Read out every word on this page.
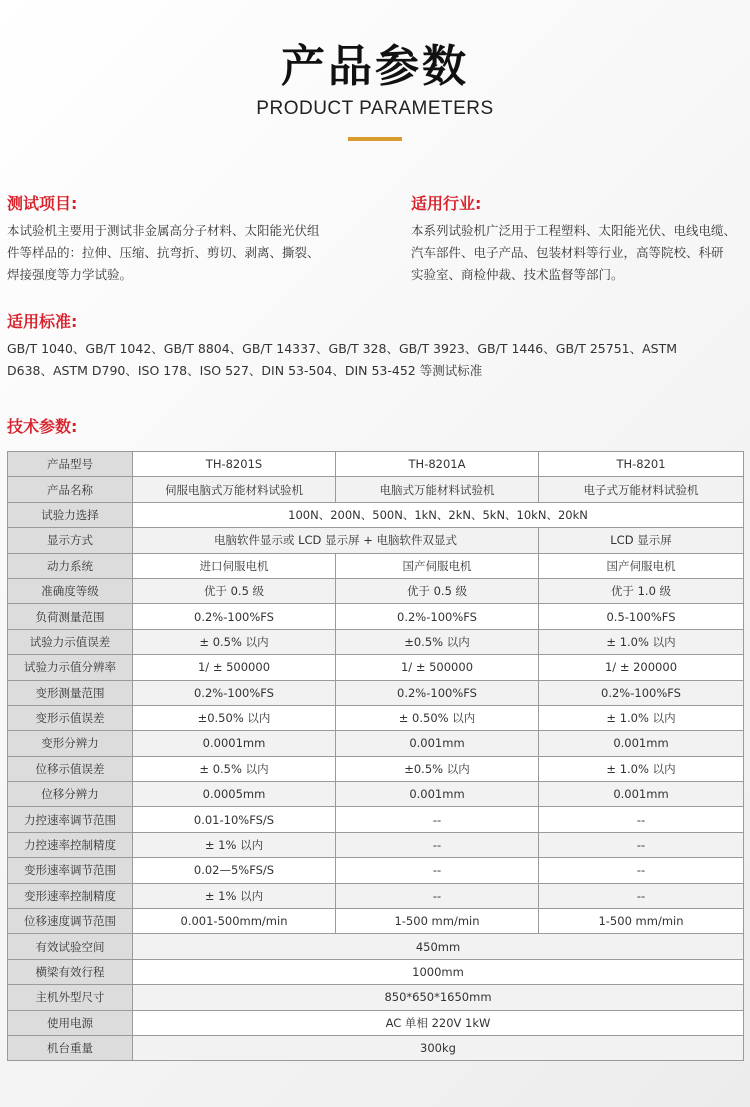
产品参数
PRODUCT PARAMETERS
测试项目:
本试验机主要用于测试非金属高分子材料、太阳能光伏组
件等样品的：拉伸、压缩、抗弯折、剪切、剥离、撕裂、
焊接强度等力学试验。
适用行业:
本系列试验机广泛用于工程塑料、太阳能光伏、电线电缆、
汽车部件、电子产品、包装材料等行业，高等院校、科研
实验室、商检仲裁、技术监督等部门。
适用标准:
GB/T 1040、GB/T 1042、GB/T 8804、GB/T 14337、GB/T 328、GB/T 3923、GB/T 1446、GB/T 25751、ASTM
D638、ASTM D790、ISO 178、ISO 527、DIN 53-504、DIN 53-452 等测试标准
技术参数:
产品型号	TH-8201S	TH-8201A	TH-8201
产品名称	伺服电脑式万能材料试验机	电脑式万能材料试验机	电子式万能材料试验机
试验力选择	100N、200N、500N、1kN、2kN、5kN、10kN、20kN		
显示方式	电脑软件显示或 LCD 显示屏 + 电脑软件双显式		LCD 显示屏
动力系统	进口伺服电机	国产伺服电机	国产伺服电机
准确度等级	优于 0.5 级	优于 0.5 级	优于 1.0 级
负荷测量范围	0.2%-100%FS	0.2%-100%FS	0.5-100%FS
试验力示值误差	± 0.5% 以内	±0.5% 以内	± 1.0% 以内
试验力示值分辨率	1/ ± 500000	1/ ± 500000	1/ ± 200000
变形测量范围	0.2%-100%FS	0.2%-100%FS	0.2%-100%FS
变形示值误差	±0.50% 以内	± 0.50% 以内	± 1.0% 以内
变形分辨力	0.0001mm	0.001mm	0.001mm
位移示值误差	± 0.5% 以内	±0.5% 以内	± 1.0% 以内
位移分辨力	0.0005mm	0.001mm	0.001mm
力控速率调节范围	0.01-10%FS/S	--	--
力控速率控制精度	± 1% 以内	--	--
变形速率调节范围	0.02—5%FS/S	--	--
变形速率控制精度	± 1% 以内	--	--
位移速度调节范围	0.001-500mm/min	1-500 mm/min	1-500 mm/min
有效试验空间	450mm		
横梁有效行程	1000mm		
主机外型尺寸	850*650*1650mm		
使用电源	AC 单相 220V 1kW		
机台重量	300kg		
